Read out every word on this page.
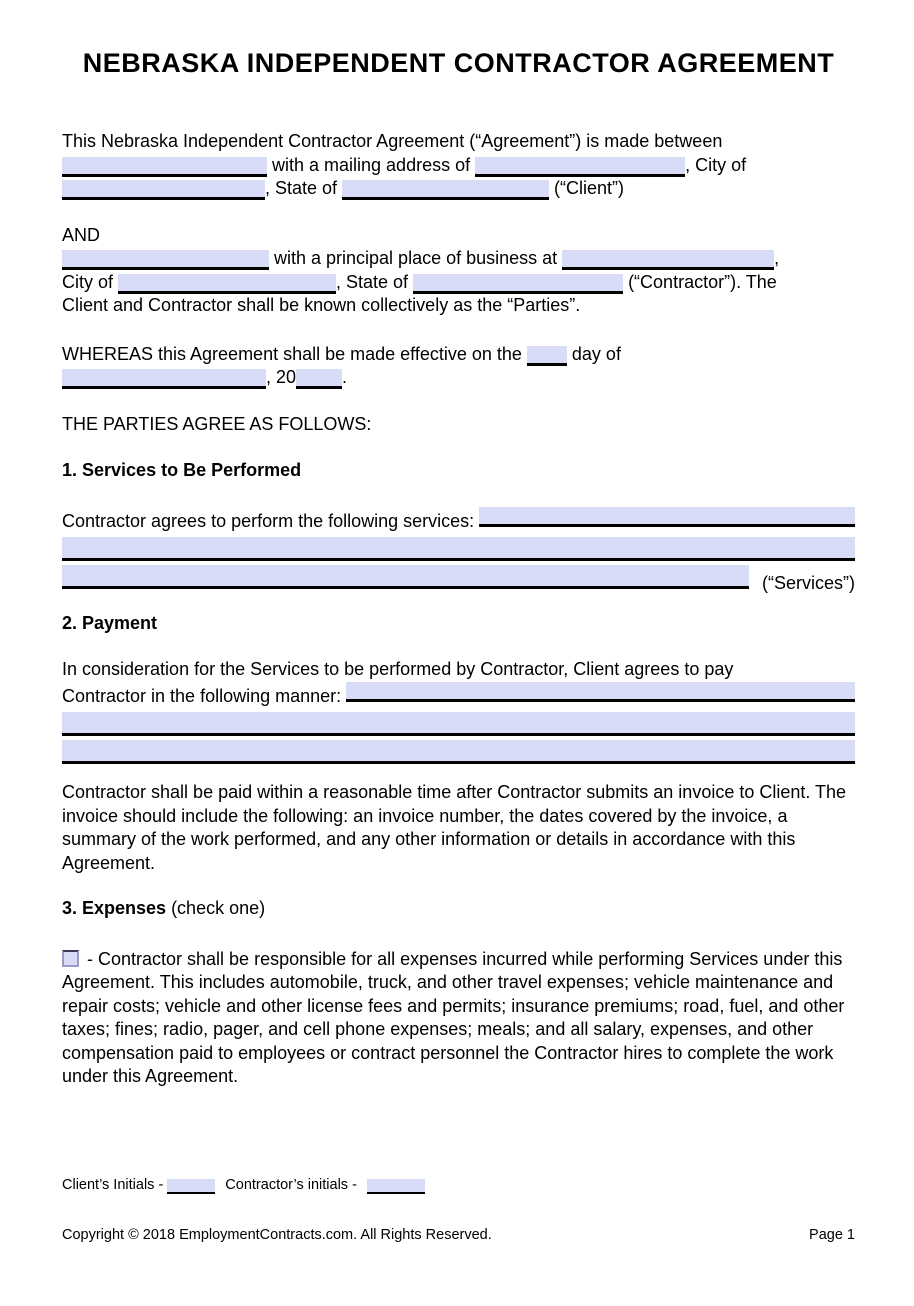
NEBRASKA INDEPENDENT CONTRACTOR AGREEMENT
This Nebraska Independent Contractor Agreement (“Agreement”) is made between
with a mailing address of	, City of
, State of	(“Client”)
AND
with a principal place of business at	,
City of	, State of	(“Contractor”). The
Client and Contractor shall be known collectively as the “Parties”.
WHEREAS this Agreement shall be made effective on the  day of
, 20	.
THE PARTIES AGREE AS FOLLOWS:
1. Services to Be Performed
Contractor agrees to perform the following services:
(“Services”)
2. Payment
In consideration for the Services to be performed by Contractor, Client agrees to pay
Contractor in the following manner:
Contractor shall be paid within a reasonable time after Contractor submits an invoice to Client. The invoice should include the following: an invoice number, the dates covered by the invoice, a summary of the work performed, and any other information or details in accordance with this Agreement.
3. Expenses (check one)
- Contractor shall be responsible for all expenses incurred while performing Services under this Agreement. This includes automobile, truck, and other travel expenses; vehicle maintenance and repair costs; vehicle and other license fees and permits; insurance premiums; road, fuel, and other taxes; fines; radio, pager, and cell phone expenses; meals; and all salary, expenses, and other compensation paid to employees or contract personnel the Contractor hires to complete the work under this Agreement.
Client’s Initials -	Contractor’s initials -
Copyright © 2018 EmploymentContracts.com. All Rights Reserved.	Page 1
